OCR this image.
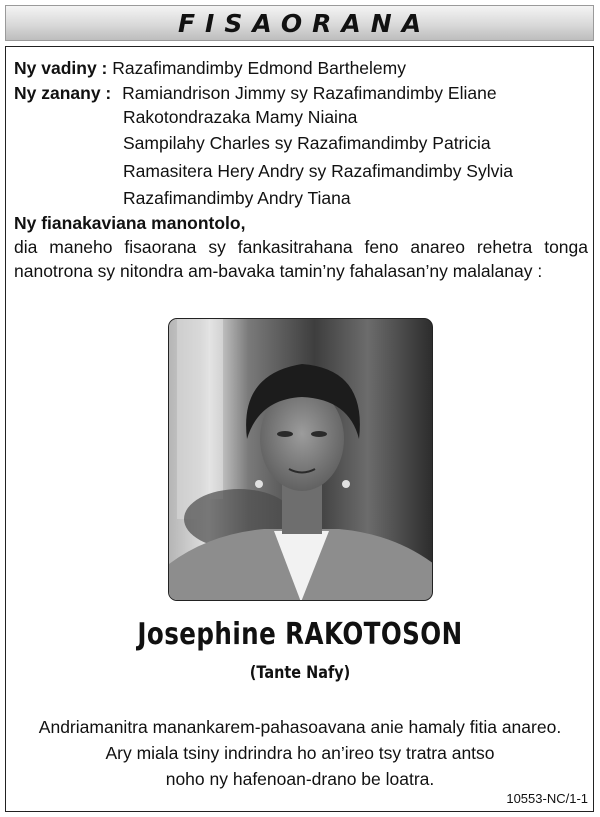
FISAORANA
Ny vadiny : Razafimandimby Edmond Barthelemy
Ny zanany : Ramiandrison Jimmy sy Razafimandimby Eliane
Rakotondrazaka Mamy Niaina
Sampilahy Charles sy Razafimandimby Patricia
Ramasitera Hery Andry sy Razafimandimby Sylvia
Razafimandimby Andry Tiana
Ny fianakaviana manontolo,
dia maneho fisaorana sy fankasitrahana feno anareo rehetra tonga
nanotrona sy nitondra am-bavaka tamin’ny fahalasan’ny malalanay :
Josephine RAKOTOSON
(Tante Nafy)
Andriamanitra manankarem-pahasoavana anie hamaly fitia anareo.
Ary miala tsiny indrindra ho an’ireo tsy tratra antso
noho ny hafenoan-drano be loatra.
10553-NC/1-1
